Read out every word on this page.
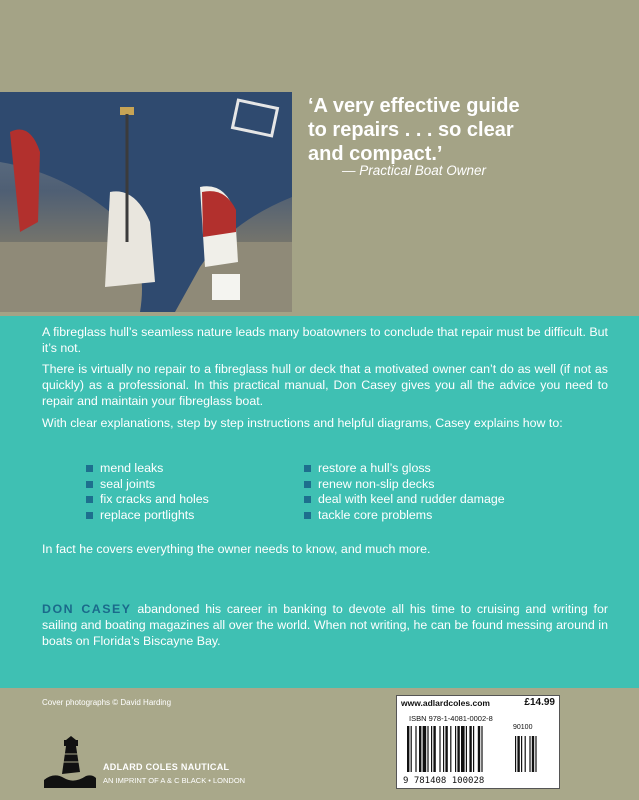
‘A very effective guide
to repairs . . . so clear
and compact.’
— Practical Boat Owner

A fibreglass hull’s seamless nature leads many boatowners to conclude that repair must be difficult. But it’s not.

There is virtually no repair to a fibreglass hull or deck that a motivated owner can’t do as well (if not as quickly) as a professional. In this practical manual, Don Casey gives you all the advice you need to repair and maintain your fibreglass boat.

With clear explanations, step by step instructions and helpful diagrams, Casey explains how to:

mend leaks
seal joints
fix cracks and holes
replace portlights
restore a hull’s gloss
renew non-slip decks
deal with keel and rudder damage
tackle core problems

In fact he covers everything the owner needs to know, and much more.

DON CASEY abandoned his career in banking to devote all his time to cruising and writing for sailing and boating magazines all over the world. When not writing, he can be found messing around in boats on Florida’s Biscayne Bay.

Cover photographs © David Harding	www.adlardcoles.com	£14.99
ISBN 978-1-4081-0002-8
90100
9 781408 100028
ADLARD COLES NAUTICAL
AN IMPRINT OF A & C BLACK • LONDON
